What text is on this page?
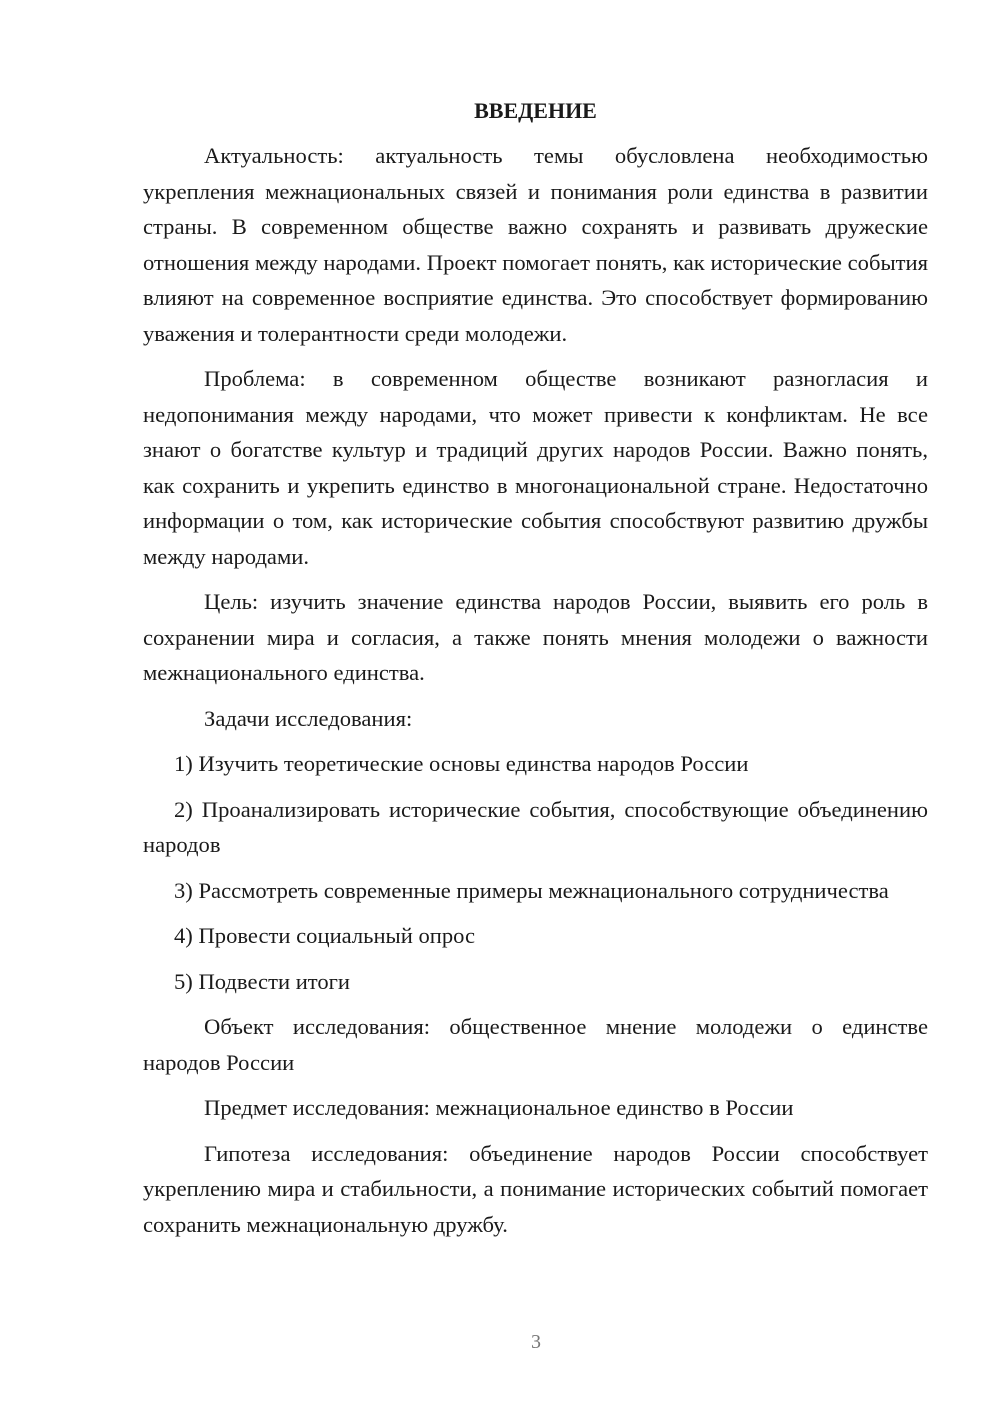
ВВЕДЕНИЕ

Актуальность: актуальность темы обусловлена необходимостью укрепления межнациональных связей и понимания роли единства в развитии страны. В современном обществе важно сохранять и развивать дружеские отношения между народами. Проект помогает понять, как исторические события влияют на современное восприятие единства. Это способствует формированию уважения и толерантности среди молодежи.

Проблема: в современном обществе возникают разногласия и недопонимания между народами, что может привести к конфликтам. Не все знают о богатстве культур и традиций других народов России. Важно понять, как сохранить и укрепить единство в многонациональной стране. Недостаточно информации о том, как исторические события способствуют развитию дружбы между народами.

Цель: изучить значение единства народов России, выявить его роль в сохранении мира и согласия, а также понять мнения молодежи о важности межнационального единства.

Задачи исследования:

1) Изучить теоретические основы единства народов России

2) Проанализировать исторические события, способствующие объединению народов

3) Рассмотреть современные примеры межнационального сотрудничества

4) Провести социальный опрос

5) Подвести итоги

Объект исследования: общественное мнение молодежи о единстве народов России

Предмет исследования: межнациональное единство в России

Гипотеза исследования: объединение народов России способствует укреплению мира и стабильности, а понимание исторических событий помогает сохранить межнациональную дружбу.

3
